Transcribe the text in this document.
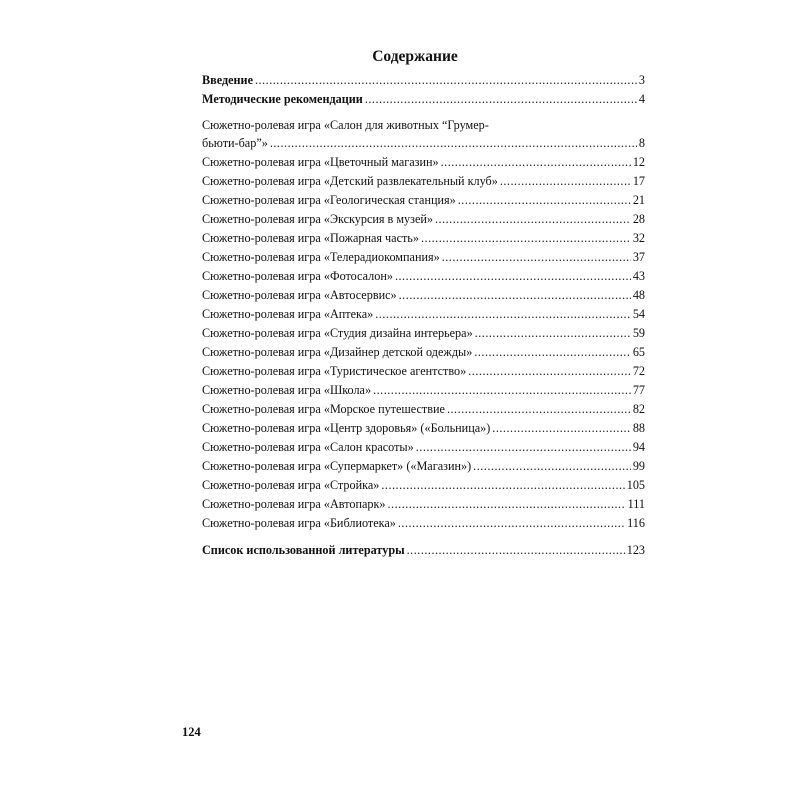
Содержание
Введение .....	3
Методические рекомендации .....	4
Сюжетно-ролевая игра «Салон для животных “Грумер-
бьюти-бар”» .....	8
Сюжетно-ролевая игра «Цветочный магазин» .....	12
Сюжетно-ролевая игра «Детский развлекательный клуб» .....	17
Сюжетно-ролевая игра «Геологическая станция» .....	21
Сюжетно-ролевая игра «Экскурсия в музей» .....	28
Сюжетно-ролевая игра «Пожарная часть» .....	32
Сюжетно-ролевая игра «Телерадиокомпания» .....	37
Сюжетно-ролевая игра «Фотосалон» .....	43
Сюжетно-ролевая игра «Автосервис» .....	48
Сюжетно-ролевая игра «Аптека» .....	54
Сюжетно-ролевая игра «Студия дизайна интерьера» .....	59
Сюжетно-ролевая игра «Дизайнер детской одежды» .....	65
Сюжетно-ролевая игра «Туристическое агентство» .....	72
Сюжетно-ролевая игра «Школа» .....	77
Сюжетно-ролевая игра «Морское путешествие .....	82
Сюжетно-ролевая игра «Центр здоровья» («Больница») .....	88
Сюжетно-ролевая игра «Салон красоты» .....	94
Сюжетно-ролевая игра «Супермаркет» («Магазин») .....	99
Сюжетно-ролевая игра «Стройка» .....	105
Сюжетно-ролевая игра «Автопарк» .....	111
Сюжетно-ролевая игра «Библиотека» .....	116
Список использованной литературы .....	123
124
